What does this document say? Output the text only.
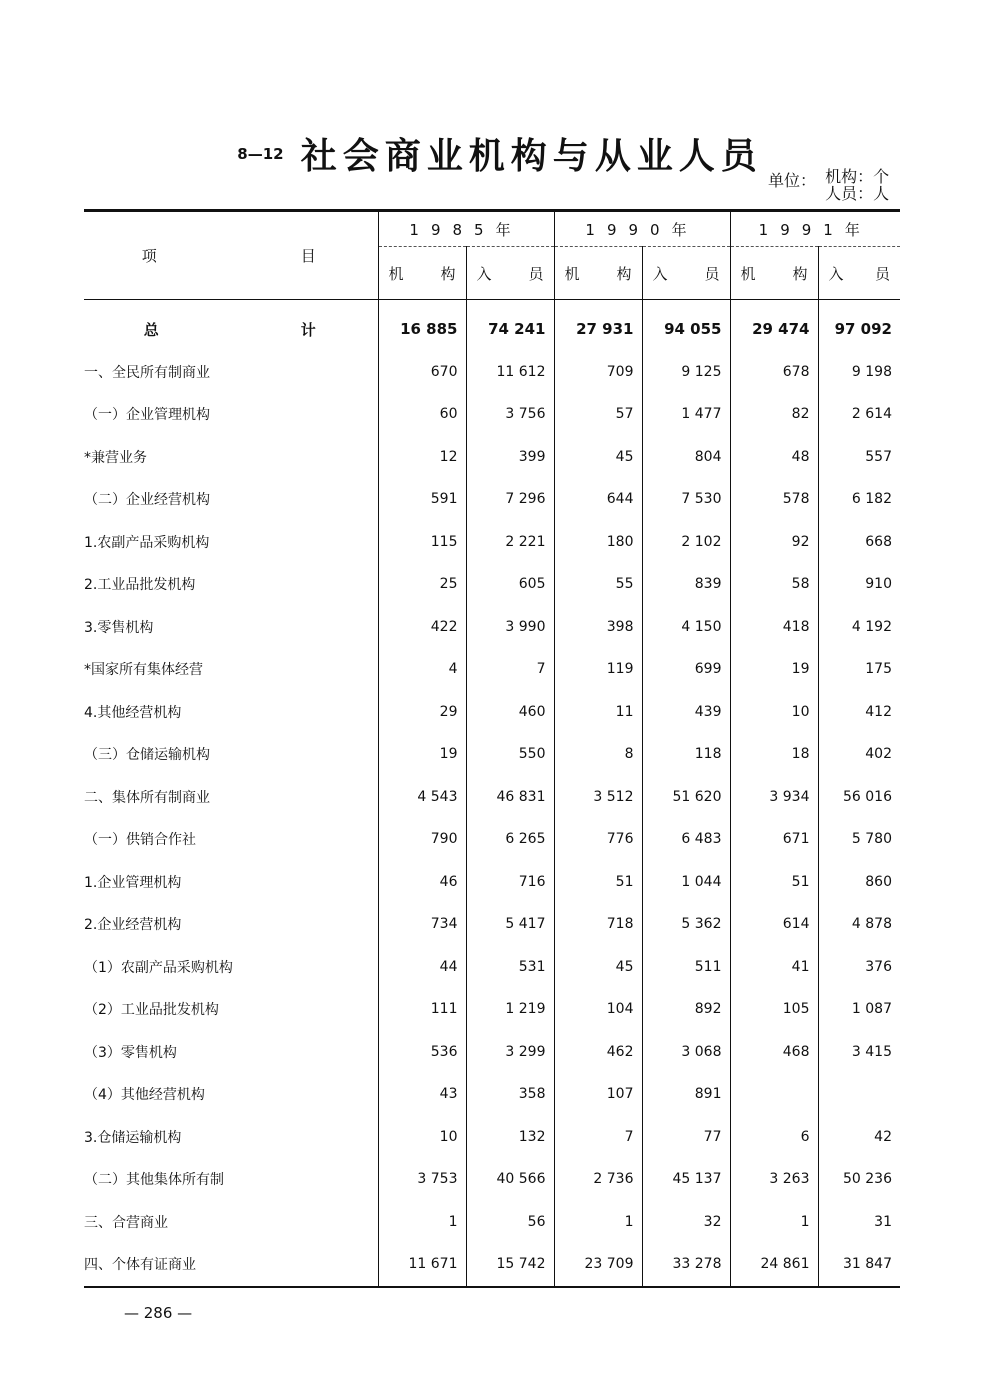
8—12 社会商业机构与从业人员
单位： 机构：个
人员：人

项 目	1985年		1990年		1991年	

	机 构	入 员	机 构	入 员	机 构	入 员

总 计	16 885	74 241	27 931	94 055	29 474	97 092
一、全民所有制商业	670	11 612	709	9 125	678	9 198
（一）企业管理机构	60	3 756	57	1 477	82	2 614
*兼营业务	12	399	45	804	48	557
（二）企业经营机构	591	7 296	644	7 530	578	6 182
1.农副产品采购机构	115	2 221	180	2 102	92	668
2.工业品批发机构	25	605	55	839	58	910
3.零售机构	422	3 990	398	4 150	418	4 192
*国家所有集体经营	4	7	119	699	19	175
4.其他经营机构	29	460	11	439	10	412
（三）仓储运输机构	19	550	8	118	18	402
二、集体所有制商业	4 543	46 831	3 512	51 620	3 934	56 016
（一）供销合作社	790	6 265	776	6 483	671	5 780
1.企业管理机构	46	716	51	1 044	51	860
2.企业经营机构	734	5 417	718	5 362	614	4 878
（1）农副产品采购机构	44	531	45	511	41	376
（2）工业品批发机构	111	1 219	104	892	105	1 087
（3）零售机构	536	3 299	462	3 068	468	3 415
（4）其他经营机构	43	358	107	891		
3.仓储运输机构	10	132	7	77	6	42
（二）其他集体所有制	3 753	40 566	2 736	45 137	3 263	50 236
三、合营商业	1	56	1	32	1	31
四、个体有证商业	11 671	15 742	23 709	33 278	24 861	31 847

— 286 —
